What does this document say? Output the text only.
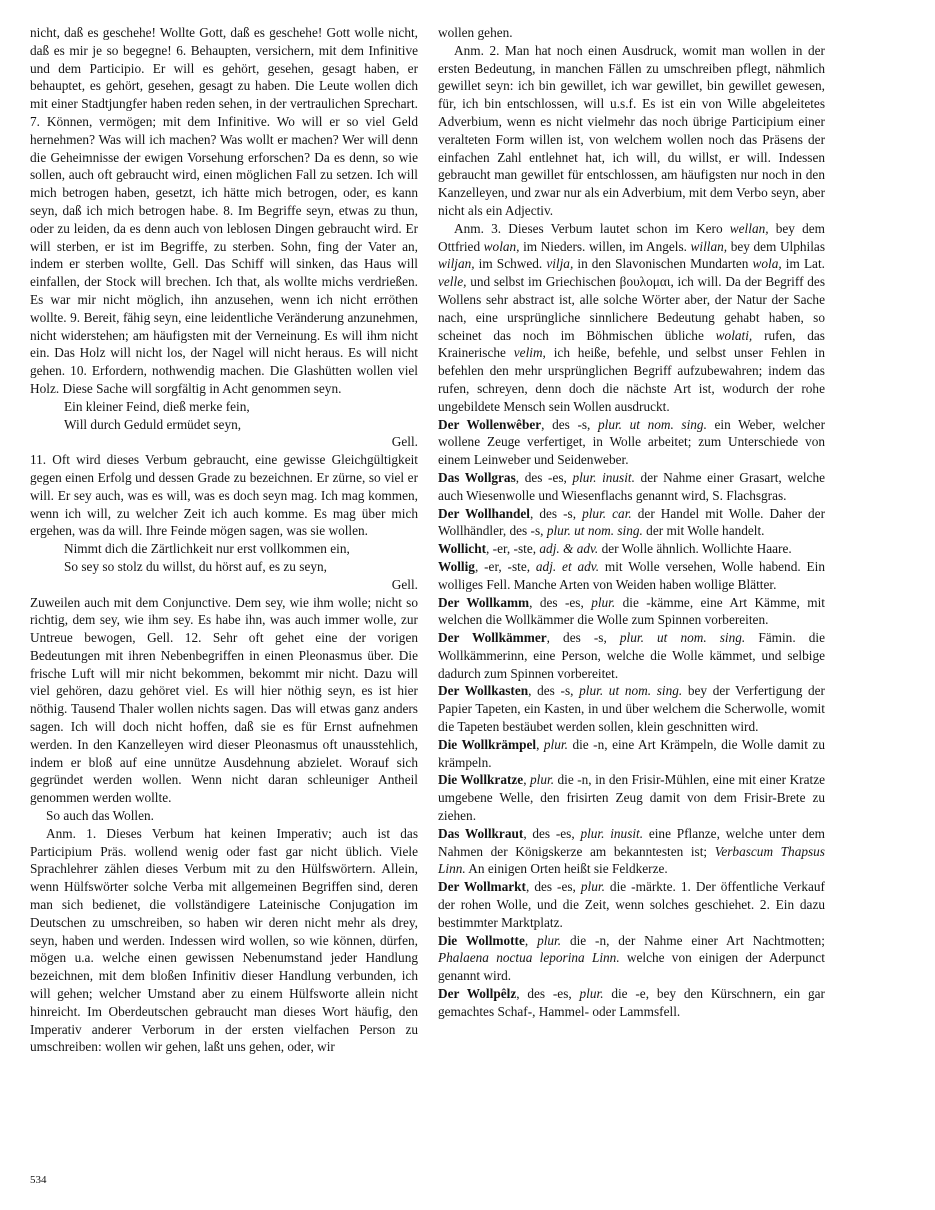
nicht, daß es geschehe! Wollte Gott, daß es geschehe! Gott wolle nicht, daß es mir je so begegne! 6. Behaupten, versichern, mit dem Infinitive und dem Participio. Er will es gehört, gesehen, gesagt haben, er behauptet, es gehört, gesehen, gesagt zu haben. Die Leute wollen dich mit einer Stadtjungfer haben reden sehen, in der vertraulichen Sprechart. 7. Können, vermögen; mit dem Infinitive. Wo will er so viel Geld hernehmen? Was will ich machen? Was wollt er machen? Wer will denn die Geheimnisse der ewigen Vorsehung erforschen? Da es denn, so wie sollen, auch oft gebraucht wird, einen möglichen Fall zu setzen. Ich will mich betrogen haben, gesetzt, ich hätte mich betrogen, oder, es kann seyn, daß ich mich betrogen habe. 8. Im Begriffe seyn, etwas zu thun, oder zu leiden, da es denn auch von leblosen Dingen gebraucht wird. Er will sterben, er ist im Begriffe, zu sterben. Sohn, fing der Vater an, indem er sterben wollte, Gell. Das Schiff will sinken, das Haus will einfallen, der Stock will brechen. Ich that, als wollte michs verdrießen. Es war mir nicht möglich, ihn anzusehen, wenn ich nicht erröthen wollte. 9. Bereit, fähig seyn, eine leidentliche Veränderung anzunehmen, nicht widerstehen; am häufigsten mit der Verneinung. Es will ihm nicht ein. Das Holz will nicht los, der Nagel will nicht heraus. Es will nicht gehen. 10. Erfordern, nothwendig machen. Die Glashütten wollen viel Holz. Diese Sache will sorgfältig in Acht genommen seyn.

Ein kleiner Feind, dieß merke fein,

Will durch Geduld ermüdet seyn,

Gell.

11. Oft wird dieses Verbum gebraucht, eine gewisse Gleichgültigkeit gegen einen Erfolg und dessen Grade zu bezeichnen. Er zürne, so viel er will. Er sey auch, was es will, was es doch seyn mag. Ich mag kommen, wenn ich will, zu welcher Zeit ich auch komme. Es mag über mich ergehen, was da will. Ihre Feinde mögen sagen, was sie wollen.

Nimmt dich die Zärtlichkeit nur erst vollkommen ein,

So sey so stolz du willst, du hörst auf, es zu seyn,

Gell.

Zuweilen auch mit dem Conjunctive. Dem sey, wie ihm wolle; nicht so richtig, dem sey, wie ihm sey. Es habe ihn, was auch immer wolle, zur Untreue bewogen, Gell. 12. Sehr oft gehet eine der vorigen Bedeutungen mit ihren Nebenbegriffen in einen Pleonasmus über. Die frische Luft will mir nicht bekommen, bekommt mir nicht. Dazu will viel gehören, dazu gehöret viel. Es will hier nöthig seyn, es ist hier nöthig. Tausend Thaler wollen nichts sagen. Das will etwas ganz anders sagen. Ich will doch nicht hoffen, daß sie es für Ernst aufnehmen werden. In den Kanzelleyen wird dieser Pleonasmus oft unausstehlich, indem er bloß auf eine unnütze Ausdehnung abzielet. Worauf sich gegründet werden wollen. Wenn nicht daran schleuniger Antheil genommen werden wollte.

So auch das Wollen.

Anm. 1. Dieses Verbum hat keinen Imperativ; auch ist das Participium Präs. wollend wenig oder fast gar nicht üblich. Viele Sprachlehrer zählen dieses Verbum mit zu den Hülfswörtern. Allein, wenn Hülfswörter solche Verba mit allgemeinen Begriffen sind, deren man sich bedienet, die vollständigere Lateinische Conjugation im Deutschen zu umschreiben, so haben wir deren nicht mehr als drey, seyn, haben und werden. Indessen wird wollen, so wie können, dürfen, mögen u.a. welche einen gewissen Nebenumstand jeder Handlung bezeichnen, mit dem bloßen Infinitiv dieser Handlung verbunden, ich will gehen; welcher Umstand aber zu einem Hülfsworte allein nicht hinreicht. Im Oberdeutschen gebraucht man dieses Wort häufig, den Imperativ anderer Verborum in der ersten vielfachen Person zu umschreiben: wollen wir gehen, laßt uns gehen, oder, wir

wollen gehen.

Anm. 2. Man hat noch einen Ausdruck, womit man wollen in der ersten Bedeutung, in manchen Fällen zu umschreiben pflegt, nähmlich gewillet seyn: ich bin gewillet, ich war gewillet, bin gewillet gewesen, für, ich bin entschlossen, will u.s.f. Es ist ein von Wille abgeleitetes Adverbium, wenn es nicht vielmehr das noch übrige Participium einer veralteten Form willen ist, von welchem wollen noch das Präsens der einfachen Zahl entlehnet hat, ich will, du willst, er will. Indessen gebraucht man gewillet für entschlossen, am häufigsten nur noch in den Kanzelleyen, und zwar nur als ein Adverbium, mit dem Verbo seyn, aber nicht als ein Adjectiv.

Anm. 3. Dieses Verbum lautet schon im Kero wellan, bey dem Ottfried wolan, im Nieders. willen, im Angels. willan, bey dem Ulphilas wiljan, im Schwed. vilja, in den Slavonischen Mundarten wola, im Lat. velle, und selbst im Griechischen βουλομαι, ich will. Da der Begriff des Wollens sehr abstract ist, alle solche Wörter aber, der Natur der Sache nach, eine ursprüngliche sinnlichere Bedeutung gehabt haben, so scheinet das noch im Böhmischen übliche wolati, rufen, das Krainerische velim, ich heiße, befehle, und selbst unser Fehlen in befehlen den mehr ursprünglichen Begriff aufzubewahren; indem das rufen, schreyen, denn doch die nächste Art ist, wodurch der rohe ungebildete Mensch sein Wollen ausdruckt.

Der Wollenwêber, des -s, plur. ut nom. sing. ein Weber, welcher wollene Zeuge verfertiget, in Wolle arbeitet; zum Unterschiede von einem Leinweber und Seidenweber.

Das Wollgras, des -es, plur. inusit. der Nahme einer Grasart, welche auch Wiesenwolle und Wiesenflachs genannt wird, S. Flachsgras.

Der Wollhandel, des -s, plur. car. der Handel mit Wolle. Daher der Wollhändler, des -s, plur. ut nom. sing. der mit Wolle handelt.

Wollicht, -er, -ste, adj. & adv. der Wolle ähnlich. Wollichte Haare.

Wollig, -er, -ste, adj. et adv. mit Wolle versehen, Wolle habend. Ein wolliges Fell. Manche Arten von Weiden haben wollige Blätter.

Der Wollkamm, des -es, plur. die -kämme, eine Art Kämme, mit welchen die Wollkämmer die Wolle zum Spinnen vorbereiten.

Der Wollkämmer, des -s, plur. ut nom. sing. Fämin. die Wollkämmerinn, eine Person, welche die Wolle kämmet, und selbige dadurch zum Spinnen vorbereitet.

Der Wollkasten, des -s, plur. ut nom. sing. bey der Verfertigung der Papier Tapeten, ein Kasten, in und über welchem die Scherwolle, womit die Tapeten bestäubet werden sollen, klein geschnitten wird.

Die Wollkrämpel, plur. die -n, eine Art Krämpeln, die Wolle damit zu krämpeln.

Die Wollkratze, plur. die -n, in den Frisir-Mühlen, eine mit einer Kratze umgebene Welle, den frisirten Zeug damit von dem Frisir-Brete zu ziehen.

Das Wollkraut, des -es, plur. inusit. eine Pflanze, welche unter dem Nahmen der Königskerze am bekanntesten ist; Verbascum Thapsus Linn. An einigen Orten heißt sie Feldkerze.

Der Wollmarkt, des -es, plur. die -märkte. 1. Der öffentliche Verkauf der rohen Wolle, und die Zeit, wenn solches geschiehet. 2. Ein dazu bestimmter Marktplatz.

Die Wollmotte, plur. die -n, der Nahme einer Art Nachtmotten; Phalaena noctua leporina Linn. welche von einigen der Aderpunct genannt wird.

Der Wollpêlz, des -es, plur. die -e, bey den Kürschnern, ein gar gemachtes Schaf-, Hammel- oder Lammsfell.

534
